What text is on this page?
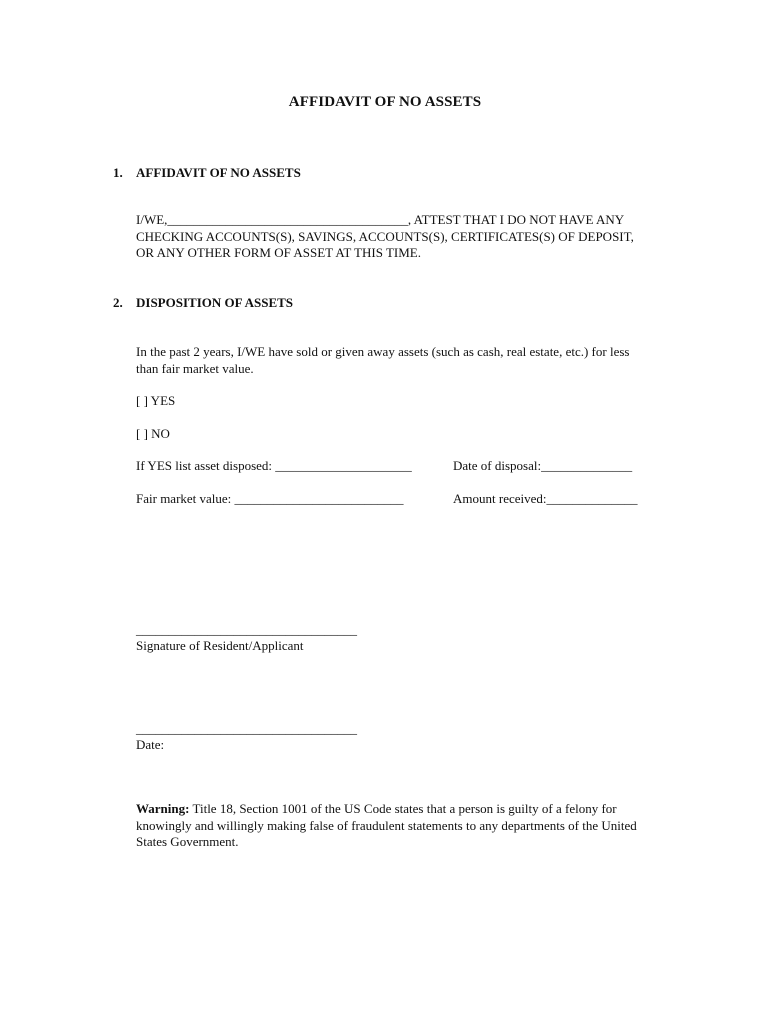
AFFIDAVIT OF NO ASSETS
1. AFFIDAVIT OF NO ASSETS
I/WE,_____________________________________, ATTEST THAT I DO NOT HAVE ANY
CHECKING ACCOUNTS(S), SAVINGS, ACCOUNTS(S), CERTIFICATES(S) OF DEPOSIT,
OR ANY OTHER FORM OF ASSET AT THIS TIME.
2. DISPOSITION OF ASSETS
In the past 2 years, I/WE have sold or given away assets (such as cash, real estate, etc.) for less
than fair market value.
[ ] YES
[ ] NO
If YES list asset disposed: _____________________	Date of disposal:______________
Fair market value: __________________________	Amount received:______________
__________________________________
Signature of Resident/Applicant
__________________________________
Date:
Warning: Title 18, Section 1001 of the US Code states that a person is guilty of a felony for
knowingly and willingly making false of fraudulent statements to any departments of the United
States Government.
